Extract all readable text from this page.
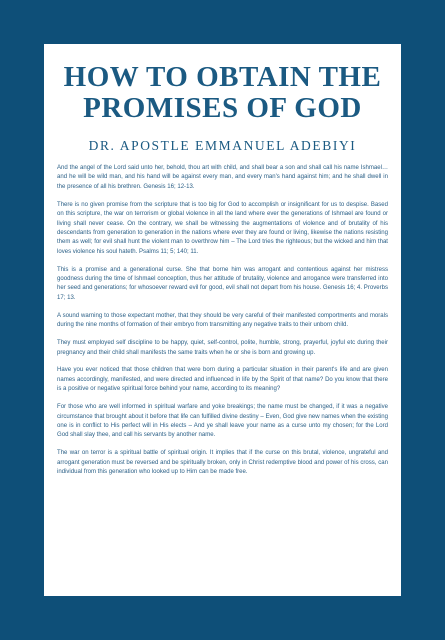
HOW TO OBTAIN THE
PROMISES OF GOD
DR. APOSTLE EMMANUEL ADEBIYI

And the angel of the Lord said unto her, behold, thou art with child, and shall bear a son and shall call his name Ishmael… and he will be wild man, and his hand will be against every man, and every man's hand against him; and he shall dwell in the presence of all his brethren. Genesis 16; 12-13.

There is no given promise from the scripture that is too big for God to accomplish or insignificant for us to despise. Based on this scripture, the war on terrorism or global violence in all the land where ever the generations of Ishmael are found or living shall never cease. On the contrary, we shall be witnessing the augmentations of violence and of brutality of his descendants from generation to generation in the nations where ever they are found or living, likewise the nations resisting them as well; for evil shall hunt the violent man to overthrow him – The Lord tries the righteous; but the wicked and him that loves violence his soul hateth. Psalms 11; 5; 140; 11.

This is a promise and a generational curse. She that borne him was arrogant and contentious against her mistress goodness during the time of Ishmael conception, thus her attitude of brutality, violence and arrogance were transferred into her seed and generations; for whosoever reward evil for good, evil shall not depart from his house. Genesis 16; 4. Proverbs 17; 13.

A sound warning to those expectant mother, that they should be very careful of their manifested comportments and morals during the nine months of formation of their embryo from transmitting any negative traits to their unborn child.

They must employed self discipline to be happy, quiet, self-control, polite, humble, strong, prayerful, joyful etc during their pregnancy and their child shall manifests the same traits when he or she is born and growing up.

Have you ever noticed that those children that were born during a particular situation in their parent's life and are given names accordingly, manifested, and were directed and influenced in life by the Spirit of that name? Do you know that there is a positive or negative spiritual force behind your name, according to its meaning?

For those who are well informed in spiritual warfare and yoke breakings; the name must be changed, if it was a negative circumstance that brought about it before that life can fulfilled divine destiny – Even, God give new names when the existing one is in conflict to His perfect will in His elects – And ye shall leave your name as a curse unto my chosen; for the Lord God shall slay thee, and call his servants by another name.

The war on terror is a spiritual battle of spiritual origin. It implies that if the curse on this brutal, violence, ungrateful and arrogant generation must be reversed and be spiritually broken, only in Christ redemptive blood and power of his cross, can individual from this generation who looked up to Him can be made free.
